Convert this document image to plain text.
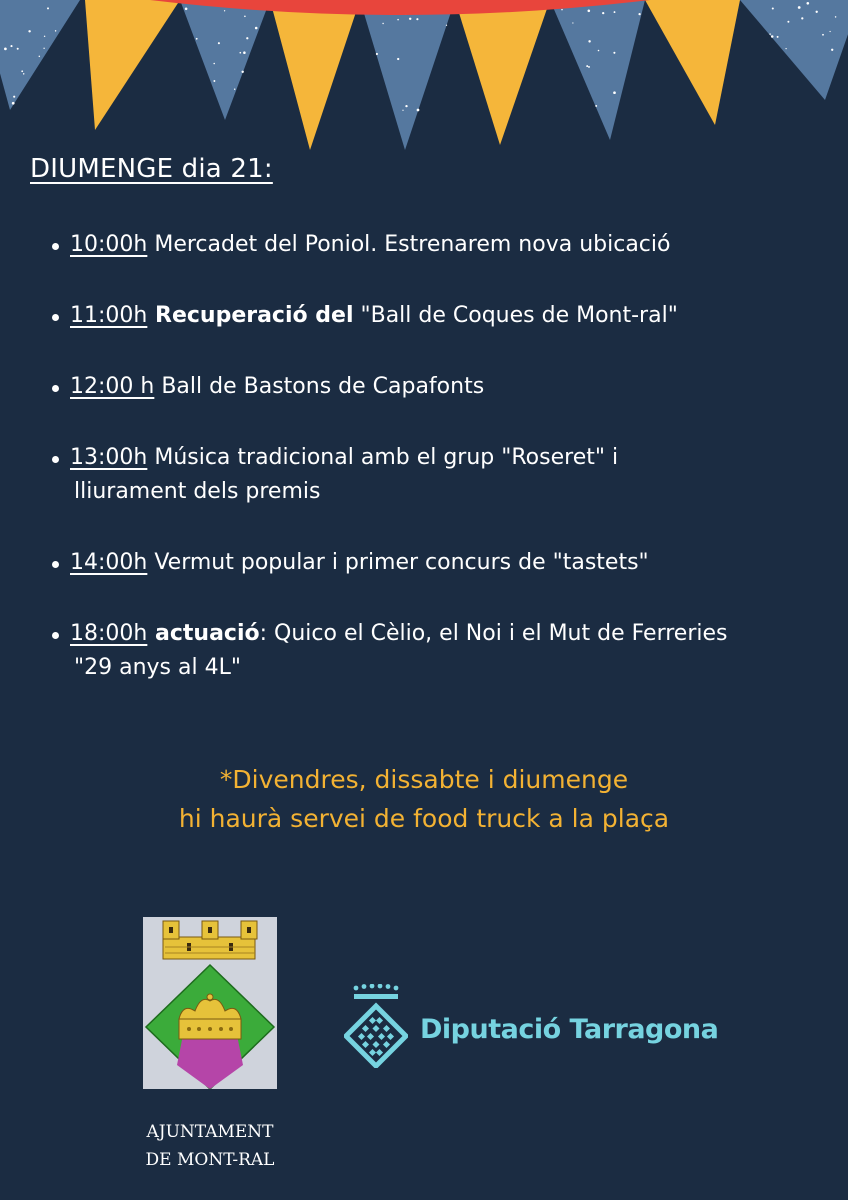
DIUMENGE dia 21:
10:00h Mercadet del Poniol. Estrenarem nova ubicació
11:00h Recuperació del "Ball de Coques de Mont-ral"
12:00 h Ball de Bastons de Capafonts
13:00h Música tradicional amb el grup "Roseret" i
lliurament dels premis
14:00h Vermut popular i primer concurs de "tastets"
18:00h actuació: Quico el Cèlio, el Noi i el Mut de Ferreries
"29 anys al 4L"
*Divendres, dissabte i diumenge
hi haurà servei de food truck a la plaça
AJUNTAMENT
DE MONT-RAL
Diputació Tarragona
